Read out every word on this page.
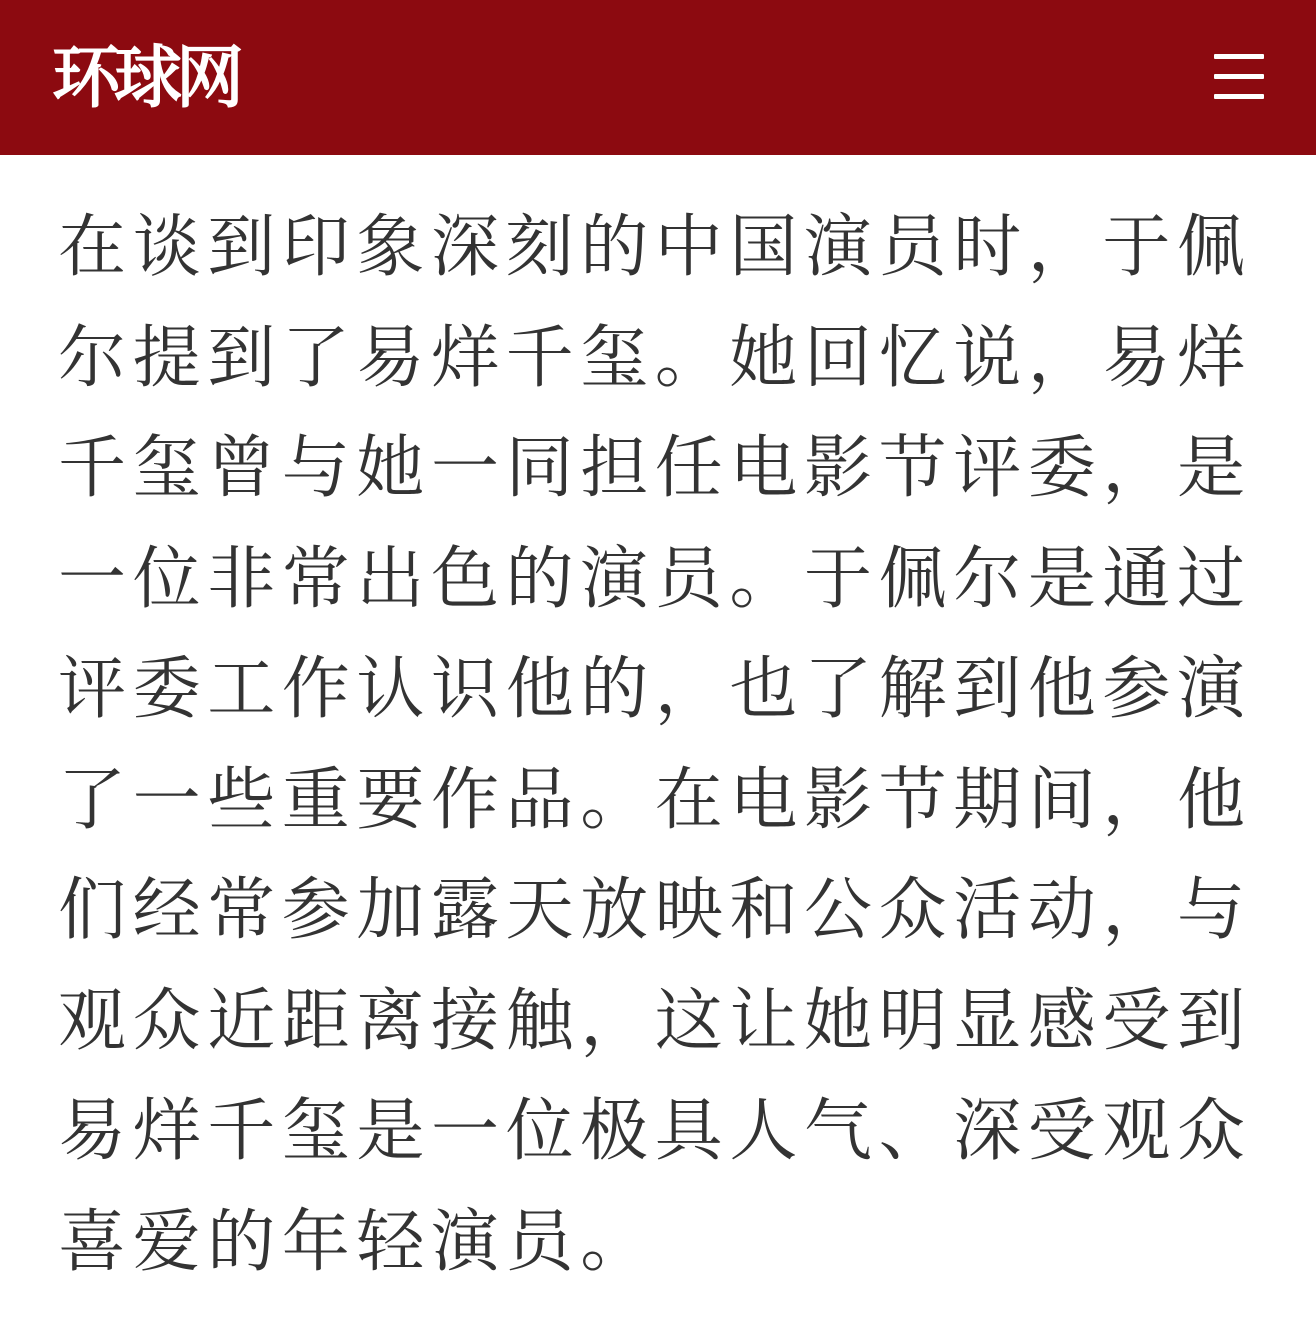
环球网

在谈到印象深刻的中国演员时，于佩尔提到了易烊千玺。她回忆说，易烊千玺曾与她一同担任电影节评委，是一位非常出色的演员。于佩尔是通过评委工作认识他的，也了解到他参演了一些重要作品。在电影节期间，他们经常参加露天放映和公众活动，与观众近距离接触，这让她明显感受到易烊千玺是一位极具人气、深受观众喜爱的年轻演员。
